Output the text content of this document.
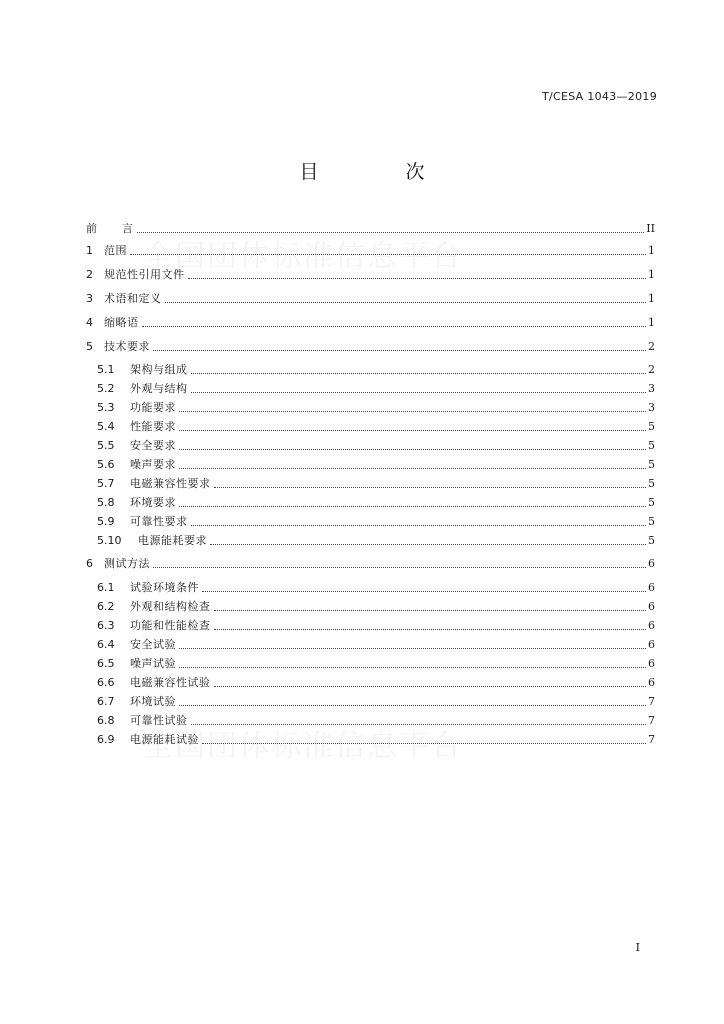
T/CESA 1043—2019
目　次
前 言	II
1 范围	1
2 规范性引用文件	1
3 术语和定义	1
4 缩略语	1
5 技术要求	2
5.1 架构与组成	2
5.2 外观与结构	3
5.3 功能要求	3
5.4 性能要求	5
5.5 安全要求	5
5.6 噪声要求	5
5.7 电磁兼容性要求	5
5.8 环境要求	5
5.9 可靠性要求	5
5.10 电源能耗要求	5
6 测试方法	6
6.1 试验环境条件	6
6.2 外观和结构检查	6
6.3 功能和性能检查	6
6.4 安全试验	6
6.5 噪声试验	6
6.6 电磁兼容性试验	6
6.7 环境试验	7
6.8 可靠性试验	7
6.9 电源能耗试验	7
I
